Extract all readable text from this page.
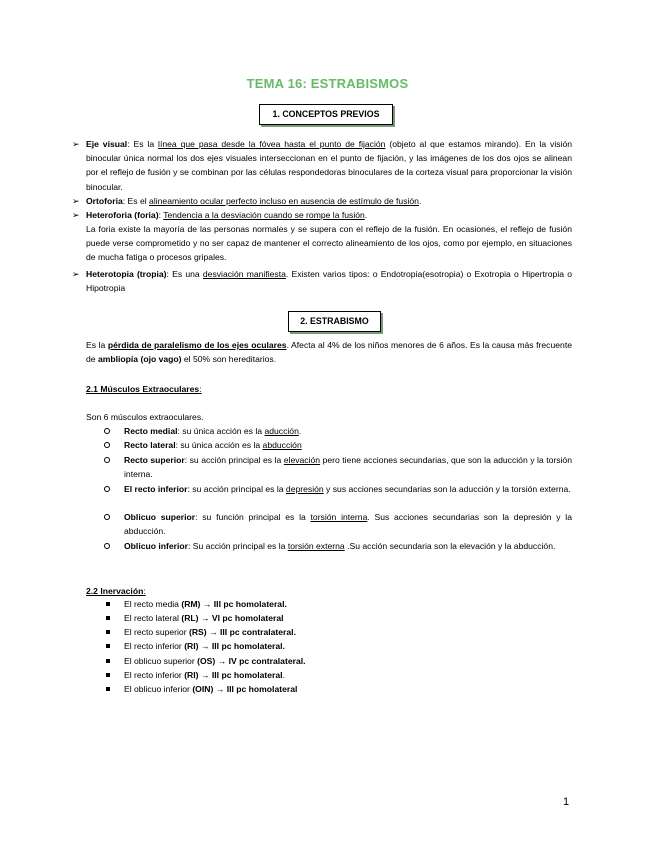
TEMA 16: ESTRABISMOS
1. CONCEPTOS PREVIOS
➢ Eje visual: Es la línea que pasa desde la fóvea hasta el punto de fijación (objeto al que estamos mirando). En la visión binocular única normal los dos ejes visuales interseccionan en el punto de fijación, y las imágenes de los dos ojos se alinean por el reflejo de fusión y se combinan por las células respondedoras binoculares de la corteza visual para proporcionar la visión binocular.
➢ Ortoforia: Es el alineamiento ocular perfecto incluso en ausencia de estímulo de fusión.
➢ Heteroforia (foria): Tendencia a la desviación cuando se rompe la fusión.
La foria existe la mayoría de las personas normales y se supera con el reflejo de la fusión. En ocasiones, el reflejo de fusión puede verse comprometido y no ser capaz de mantener el correcto alineamiento de los ojos, como por ejemplo, en situaciones de mucha fatiga o procesos gripales.
➢ Heterotopia (tropia): Es una desviación manifiesta. Existen varios tipos: o Endotropia(esotropia) o Exotropia o Hipertropia o Hipotropia
2. ESTRABISMO
Es la pérdida de paralelismo de los ejes oculares. Afecta al 4% de los niños menores de 6 años. Es la causa más frecuente de ambliopía (ojo vago) el 50% son hereditarios.
2.1 Músculos Extraoculares:
Son 6 músculos extraoculares.
Recto medial: su única acción es la aducción.
Recto lateral: su única acción es la abducción
Recto superior: su acción principal es la elevación pero tiene acciones secundarias, que son la aducción y la torsión interna.
El recto inferior: su acción principal es la depresión y sus acciones secundarias son la aducción y la torsión externa.
Oblicuo superior: su función principal es la torsión interna. Sus acciones secundarias son la depresión y la abducción.
Oblicuo inferior: Su acción principal es la torsión externa .Su acción secundaria son la elevación y la abducción.
2.2 Inervación:
El recto media (RM) → III pc homolateral.
El recto lateral (RL) → VI pc homolateral
El recto superior (RS) → III pc contralateral.
El recto inferior (RI) → III pc homolateral.
El oblicuo superior (OS) → IV pc contralateral.
El recto inferior (RI) → III pc homolateral.
El oblicuo inferior (OIN) → III pc homolateral
1
